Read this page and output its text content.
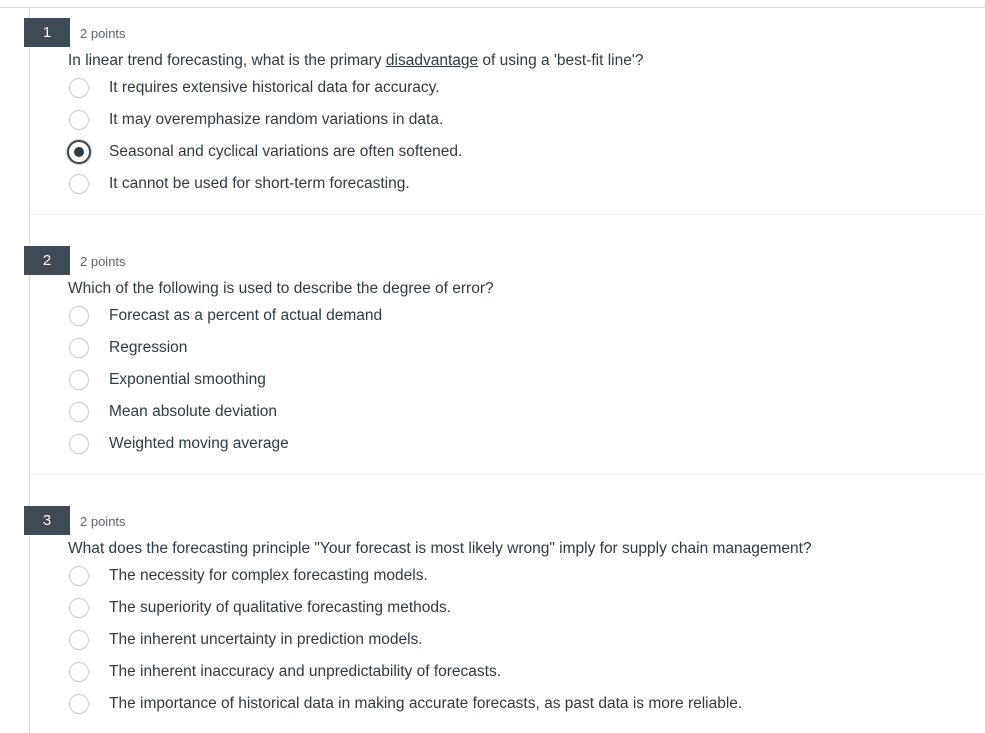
1	2 points
In linear trend forecasting, what is the primary disadvantage of using a 'best-fit line'?
It requires extensive historical data for accuracy.
It may overemphasize random variations in data.
Seasonal and cyclical variations are often softened.
It cannot be used for short-term forecasting.
2	2 points
Which of the following is used to describe the degree of error?
Forecast as a percent of actual demand
Regression
Exponential smoothing
Mean absolute deviation
Weighted moving average
3	2 points
What does the forecasting principle "Your forecast is most likely wrong" imply for supply chain management?
The necessity for complex forecasting models.
The superiority of qualitative forecasting methods.
The inherent uncertainty in prediction models.
The inherent inaccuracy and unpredictability of forecasts.
The importance of historical data in making accurate forecasts, as past data is more reliable.
